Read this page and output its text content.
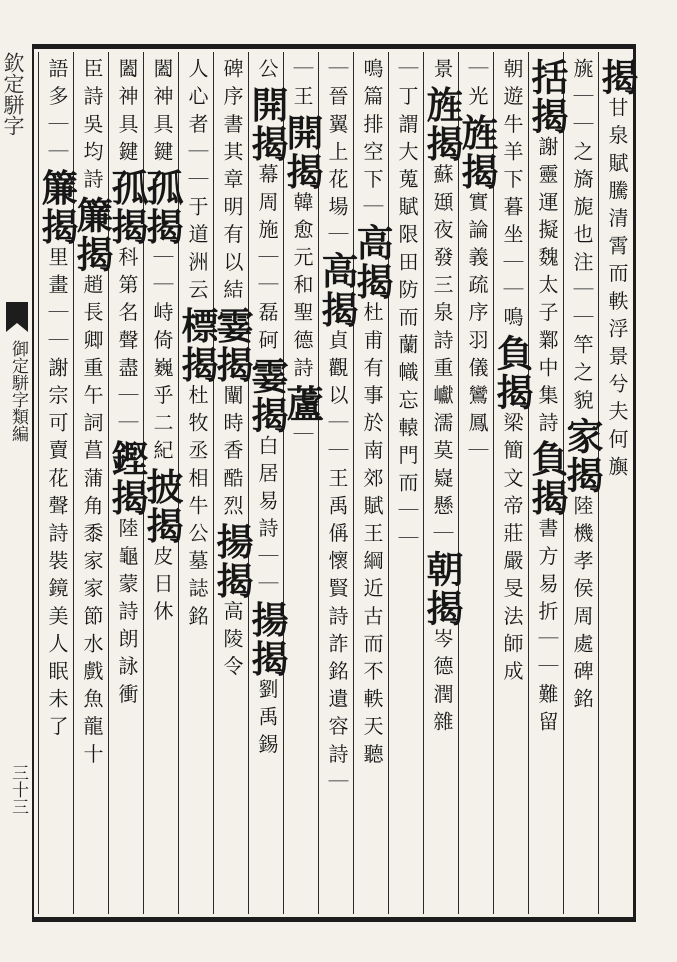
欽定駢字
御定駢字類編
三十三
揭甘泉賦騰清霄而軼浮景兮夫何旟
旐｜｜之旖旎也注｜｜竿之貌家揭陸機孝侯周處碑銘
括揭謝靈運擬魏太子鄴中集詩負揭書方易折｜｜難留
朝遊牛羊下暮坐｜｜鳴負揭梁簡文帝莊嚴旻法師成
｜光旌揭實論義疏序羽儀鸞鳳｜
景旌揭蘇頲夜發三泉詩重巘濡莫嶷懸｜朝揭岑德潤雜
｜丁謂大蒐賦限田防而蘭幟忘轅門而｜｜
鳴篇排空下｜高揭杜甫有事於南郊賦王綱近古而不軼天聽
｜晉翼上花場｜高揭貞觀以｜｜王禹偁懷賢詩詐銘遺容詩｜
｜王開揭韓愈元和聖德詩蘆｜
公開揭幕周施｜｜磊砢霎揭白居易詩｜｜揚揭劉禹錫
碑序書其章明有以結霎揭闡時香酷烈揚揭高陵令
人心者｜｜于道洲云標揭杜牧丞相牛公墓誌銘
闔神具鍵孤揭｜｜峙倚巍乎二紀披揭皮日休
闔神具鍵孤揭科第名聲盡｜｜鏗揭陸龜蒙詩朗詠衝
臣詩吳均詩簾揭趙長卿重午詞菖蒲角黍家家節水戲魚龍十
語多｜｜簾揭里畫｜｜謝宗可賣花聲詩裝鏡美人眠未了
